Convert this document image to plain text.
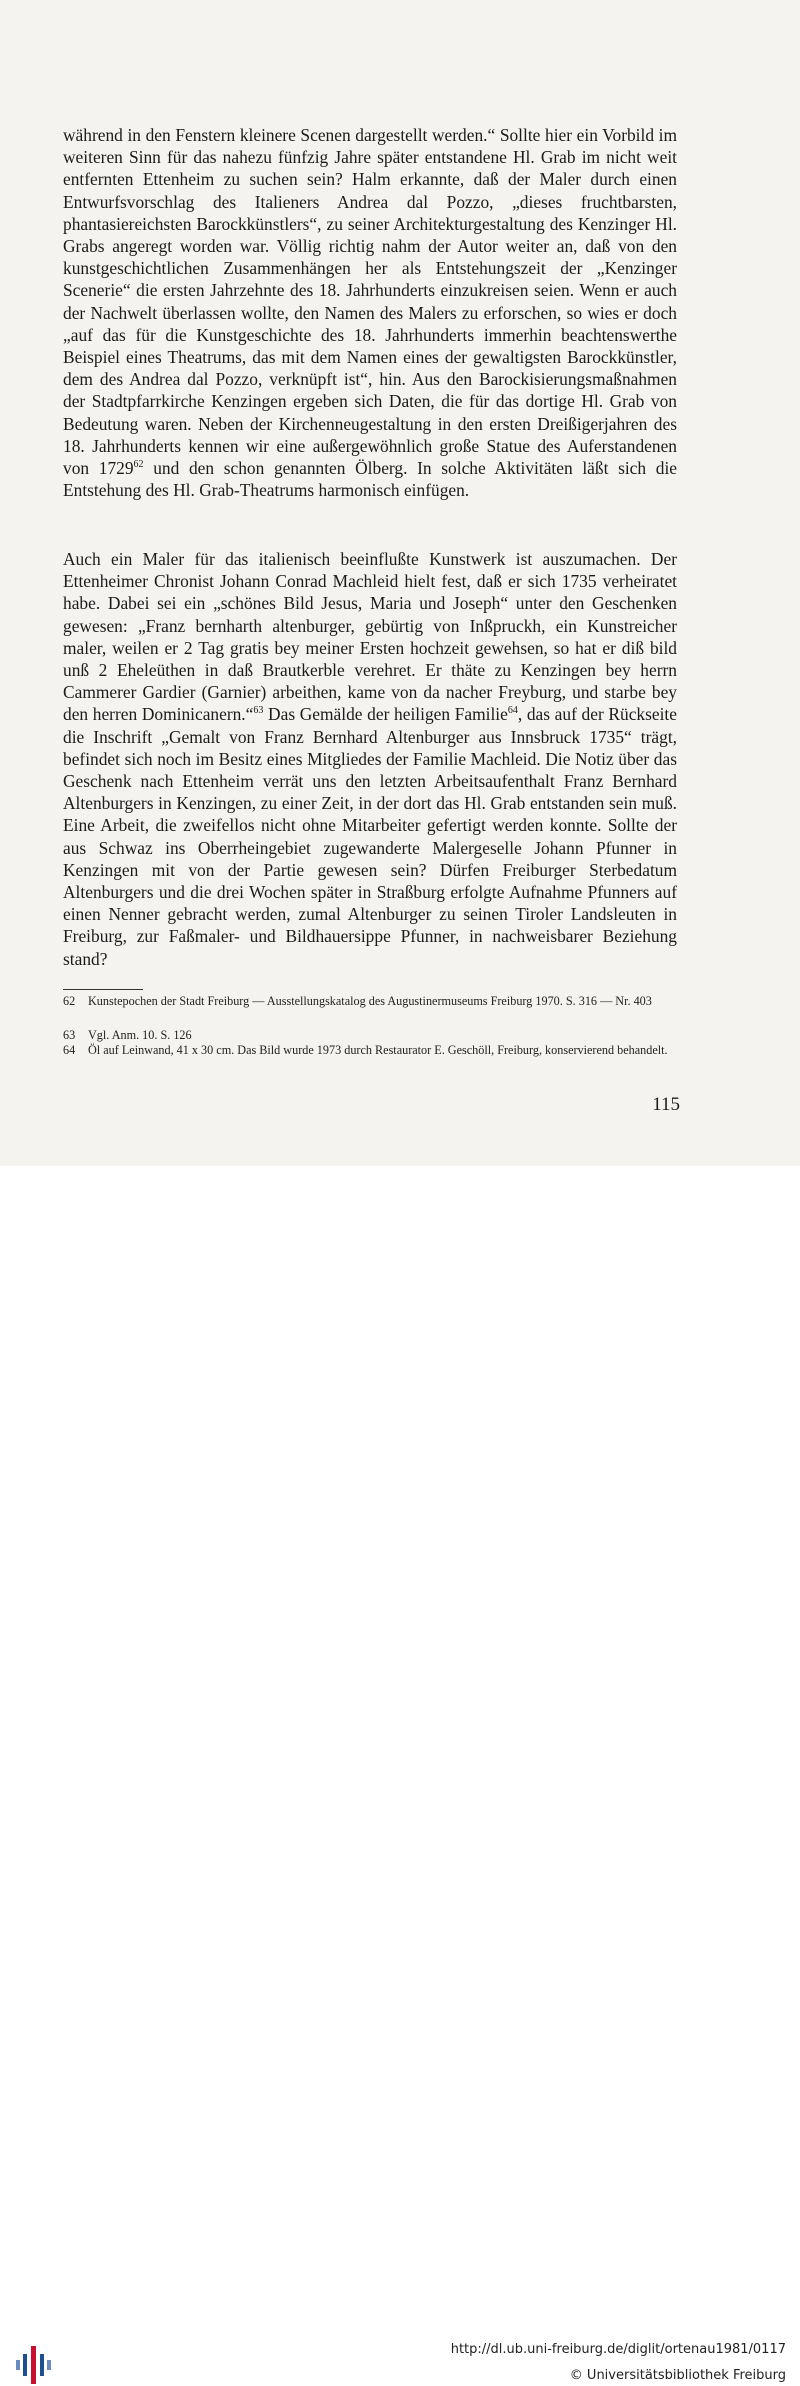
während in den Fenstern kleinere Scenen dargestellt werden.“ Sollte hier ein Vorbild im weiteren Sinn für das nahezu fünfzig Jahre später entstandene Hl. Grab im nicht weit entfernten Ettenheim zu suchen sein? Halm erkannte, daß der Maler durch einen Entwurfsvorschlag des Italieners Andrea dal Pozzo, „dieses fruchtbarsten, phantasiereichsten Barockkünstlers“, zu seiner Architekturgestaltung des Kenzinger Hl. Grabs angeregt worden war. Völlig richtig nahm der Autor weiter an, daß von den kunstgeschichtlichen Zusammenhängen her als Entstehungszeit der „Kenzinger Scenerie“ die ersten Jahrzehnte des 18. Jahrhunderts einzukreisen seien. Wenn er auch der Nachwelt überlassen wollte, den Namen des Malers zu erforschen, so wies er doch „auf das für die Kunstgeschichte des 18. Jahrhunderts immerhin beachtenswerthe Beispiel eines Theatrums, das mit dem Namen eines der gewaltigsten Barockkünstler, dem des Andrea dal Pozzo, verknüpft ist“, hin. Aus den Barockisierungsmaßnahmen der Stadtpfarrkirche Kenzingen ergeben sich Daten, die für das dortige Hl. Grab von Bedeutung waren. Neben der Kirchenneugestaltung in den ersten Dreißigerjahren des 18. Jahrhunderts kennen wir eine außergewöhnlich große Statue des Auferstandenen von 1729$^{62}$ und den schon genannten Ölberg. In solche Aktivitäten läßt sich die Entstehung des Hl. Grab-Theatrums harmonisch einfügen.

Auch ein Maler für das italienisch beeinflußte Kunstwerk ist auszumachen. Der Ettenheimer Chronist Johann Conrad Machleid hielt fest, daß er sich 1735 verheiratet habe. Dabei sei ein „schönes Bild Jesus, Maria und Joseph“ unter den Geschenken gewesen: „Franz bernharth altenburger, gebürtig von Inßpruckh, ein Kunstreicher maler, weilen er 2 Tag gratis bey meiner Ersten hochzeit gewehsen, so hat er diß bild unß 2 Eheleüthen in daß Brautkerble verehret. Er thäte zu Kenzingen bey herrn Cammerer Gardier (Garnier) arbeithen, kame von da nacher Freyburg, und starbe bey den herren Dominicanern.“$^{63}$ Das Gemälde der heiligen Familie$^{64}$, das auf der Rückseite die Inschrift „Gemalt von Franz Bernhard Altenburger aus Innsbruck 1735“ trägt, befindet sich noch im Besitz eines Mitgliedes der Familie Machleid. Die Notiz über das Geschenk nach Ettenheim verrät uns den letzten Arbeitsaufenthalt Franz Bernhard Altenburgers in Kenzingen, zu einer Zeit, in der dort das Hl. Grab entstanden sein muß. Eine Arbeit, die zweifellos nicht ohne Mitarbeiter gefertigt werden konnte. Sollte der aus Schwaz ins Oberrheingebiet zugewanderte Malergeselle Johann Pfunner in Kenzingen mit von der Partie gewesen sein? Dürfen Freiburger Sterbedatum Altenburgers und die drei Wochen später in Straßburg erfolgte Aufnahme Pfunners auf einen Nenner gebracht werden, zumal Altenburger zu seinen Tiroler Landsleuten in Freiburg, zur Faßmaler- und Bildhauersippe Pfunner, in nachweisbarer Beziehung stand?

62 Kunstepochen der Stadt Freiburg — Ausstellungskatalog des Augustinermuseums Freiburg 1970. S. 316 — Nr. 403
63 Vgl. Anm. 10. S. 126
64 Öl auf Leinwand, 41 x 30 cm. Das Bild wurde 1973 durch Restaurator E. Geschöll, Freiburg, konservierend behandelt.
115
http://dl.ub.uni-freiburg.de/diglit/ortenau1981/0117
© Universitätsbibliothek Freiburg
